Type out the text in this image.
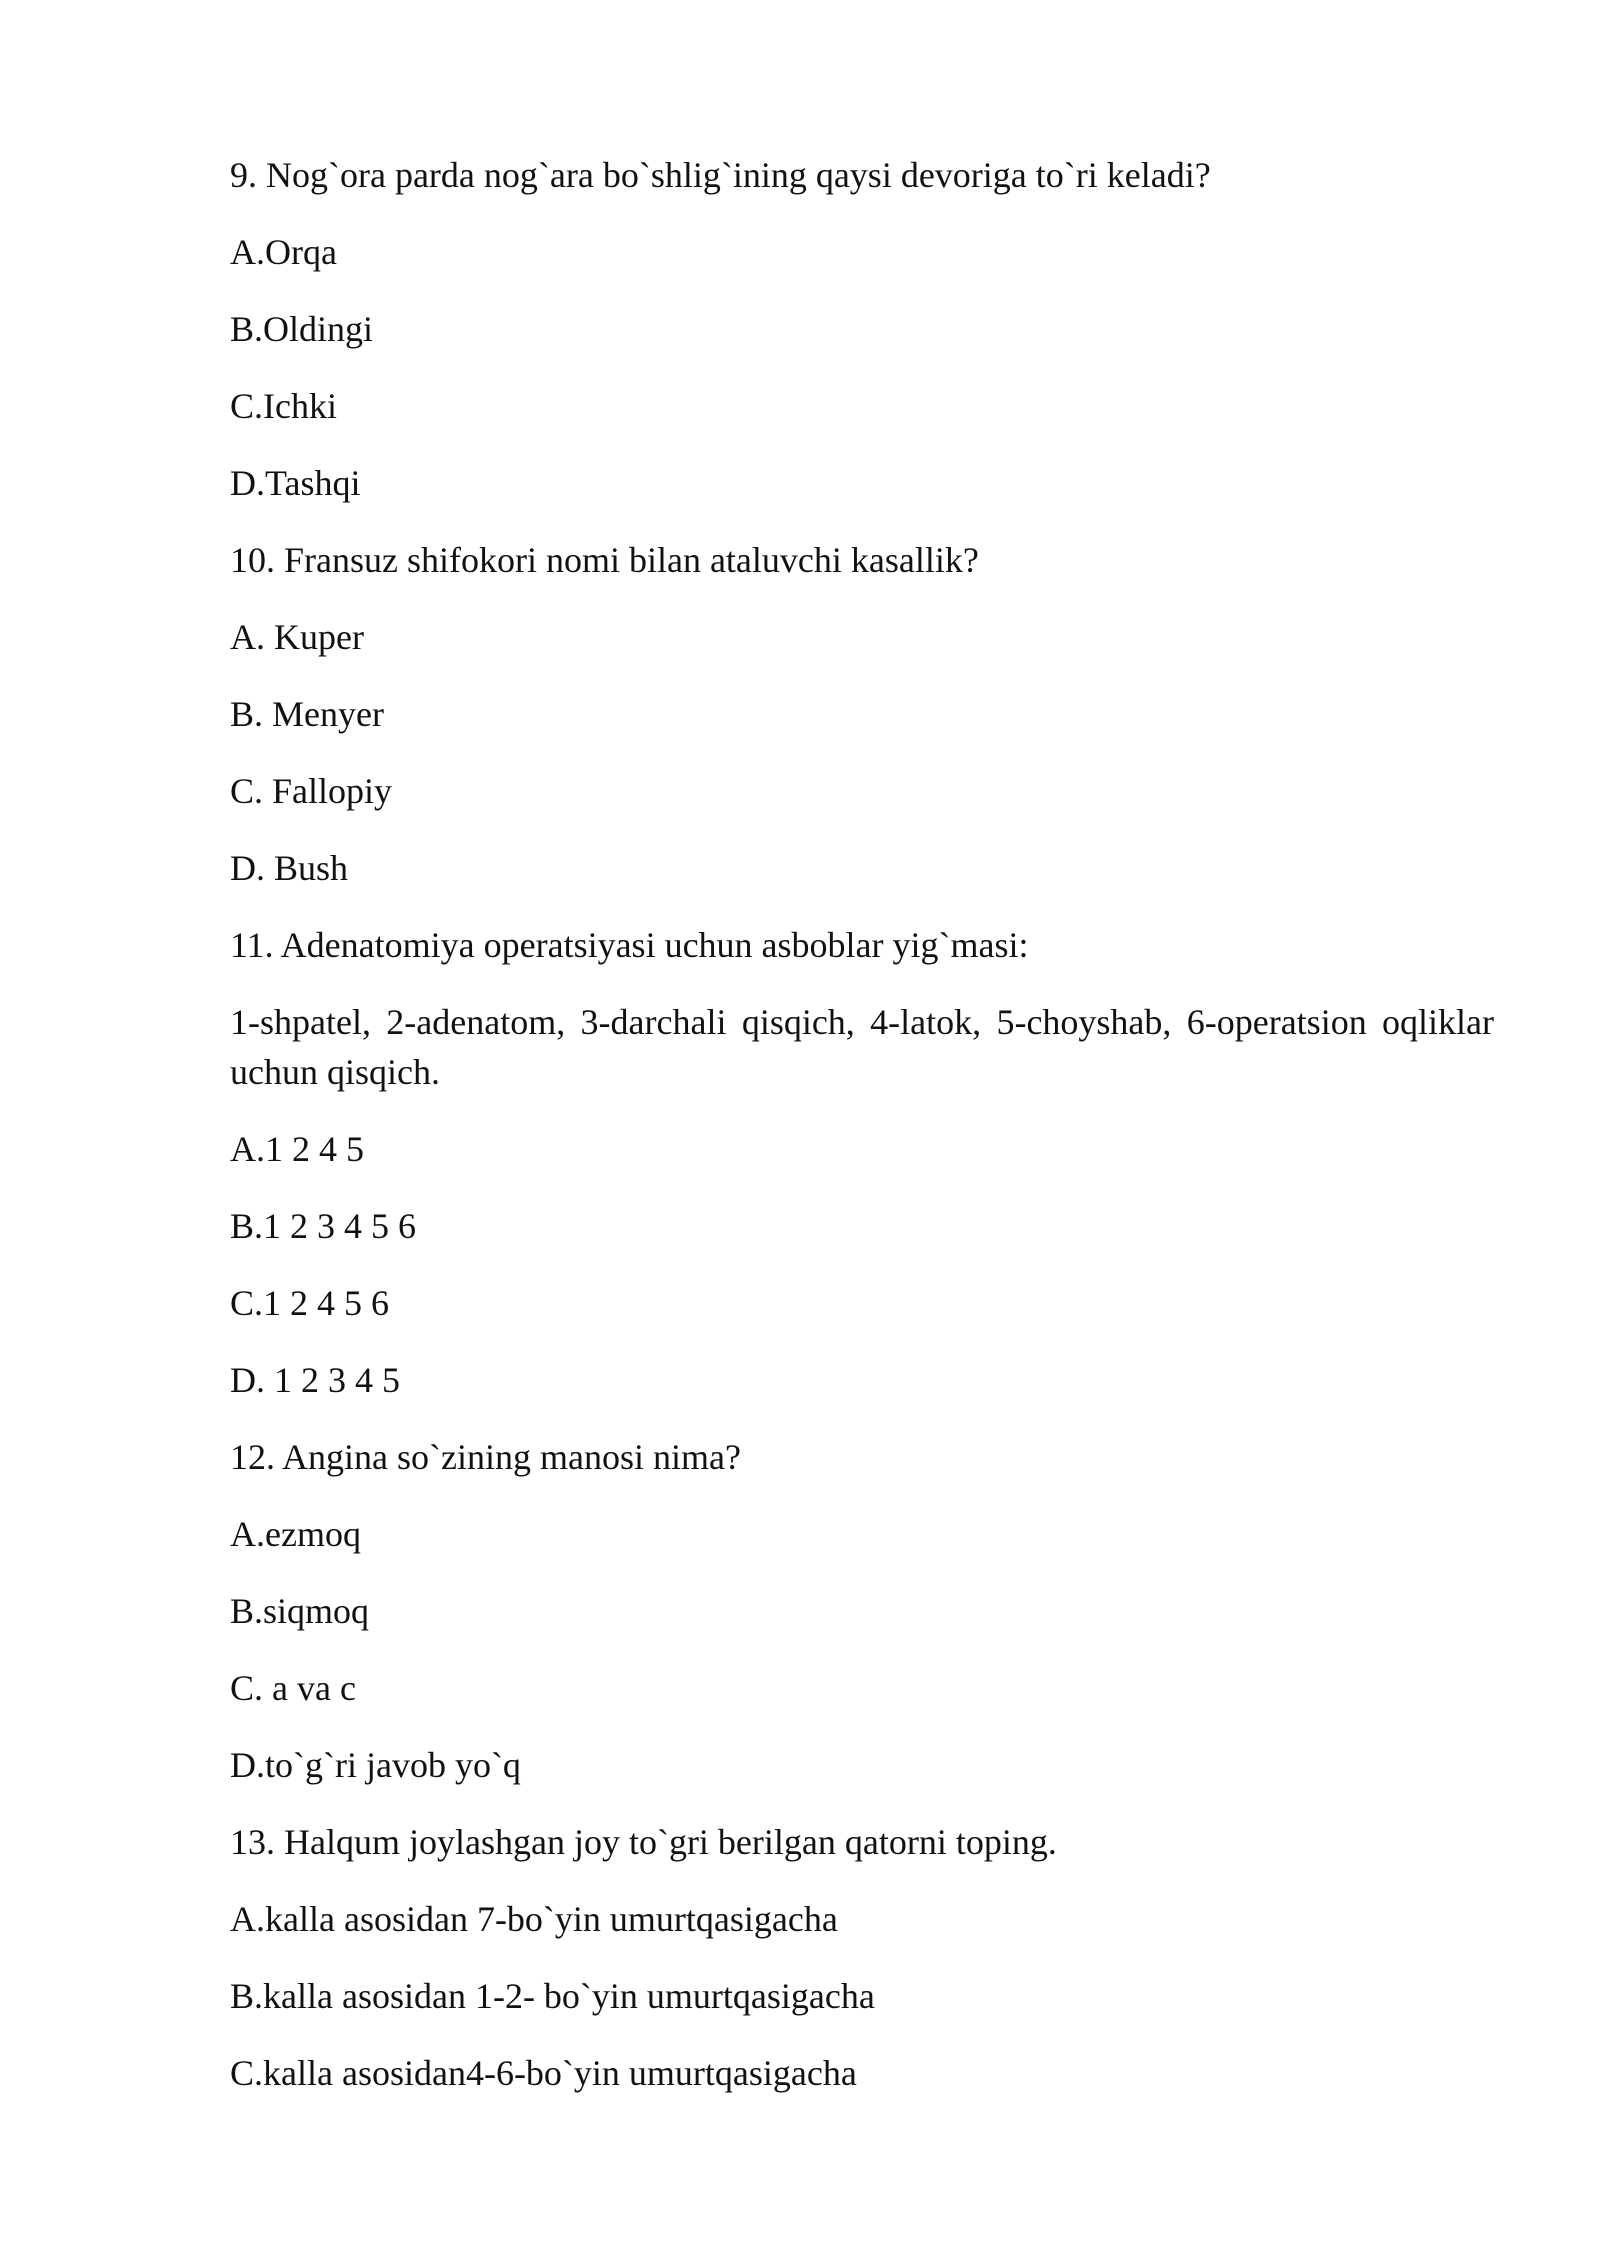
9. Nog`ora parda nog`ara bo`shlig`ining qaysi devoriga to`ri keladi?

A.Orqa

B.Oldingi

C.Ichki

D.Tashqi

10. Fransuz shifokori nomi bilan ataluvchi kasallik?

A. Kuper

B. Menyer

C. Fallopiy

D. Bush

11. Adenatomiya operatsiyasi uchun asboblar yig`masi:

1-shpatel, 2-adenatom, 3-darchali qisqich, 4-latok, 5-choyshab, 6-operatsion oqliklar uchun qisqich.

A.1 2 4 5

B.1 2 3 4 5 6

C.1 2 4 5 6

D. 1 2 3 4 5

12. Angina so`zining manosi nima?

A.ezmoq

B.siqmoq

C. a va c

D.to`g`ri javob yo`q

13. Halqum joylashgan joy to`gri berilgan qatorni toping.

A.kalla asosidan 7-bo`yin umurtqasigacha

B.kalla asosidan 1-2- bo`yin umurtqasigacha

C.kalla asosidan4-6-bo`yin umurtqasigacha
